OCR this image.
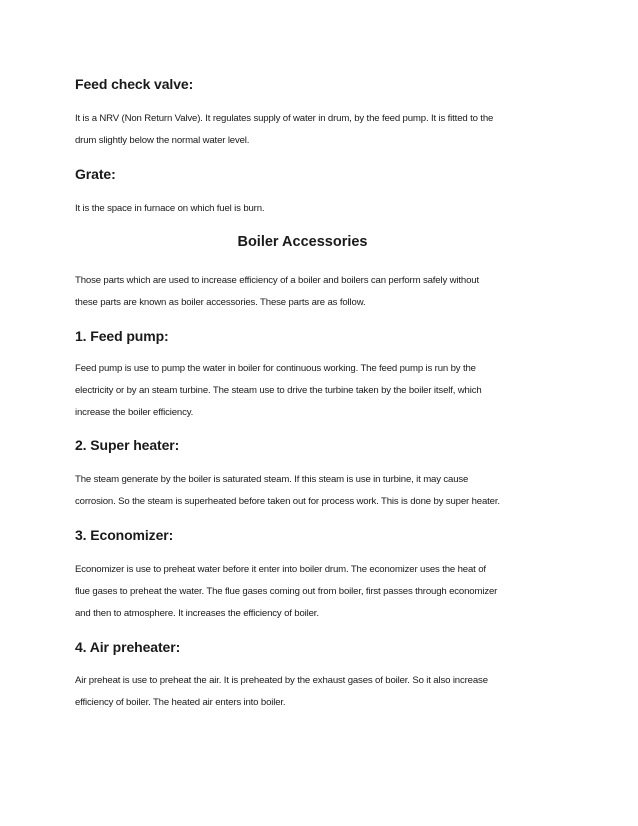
Feed check valve:
It is a NRV (Non Return Valve). It regulates supply of water in drum, by the feed pump. It is fitted to the
drum slightly below the normal water level.
Grate:
It is the space in furnace on which fuel is burn.
Boiler Accessories
Those parts which are used to increase efficiency of a boiler and boilers can perform safely without
these parts are known as boiler accessories. These parts are as follow.
1. Feed pump:
Feed pump is use to pump the water in boiler for continuous working. The feed pump is run by the
electricity or by an steam turbine. The steam use to drive the turbine taken by the boiler itself, which
increase the boiler efficiency.
2. Super heater:
The steam generate by the boiler is saturated steam. If this steam is use in turbine, it may cause
corrosion. So the steam is superheated before taken out for process work. This is done by super heater.
3. Economizer:
Economizer is use to preheat water before it enter into boiler drum. The economizer uses the heat of
flue gases to preheat the water. The flue gases coming out from boiler, first passes through economizer
and then to atmosphere. It increases the efficiency of boiler.
4. Air preheater:
Air preheat is use to preheat the air. It is preheated by the exhaust gases of boiler. So it also increase
efficiency of boiler. The heated air enters into boiler.
